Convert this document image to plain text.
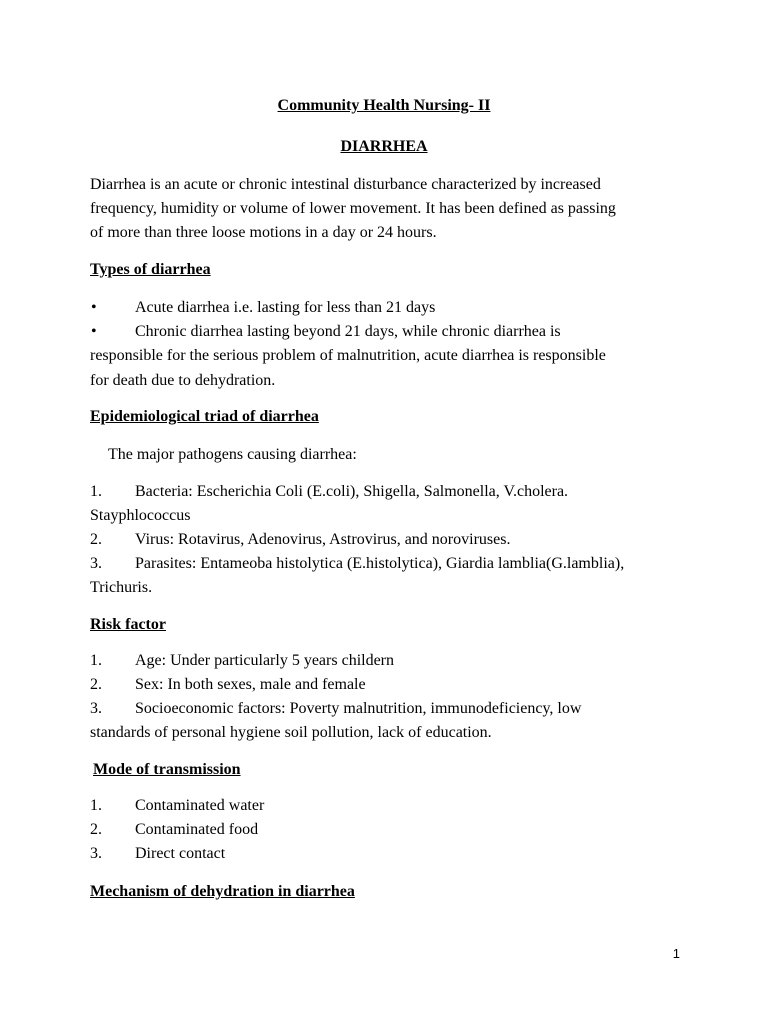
Community Health Nursing- II
DIARRHEA
Diarrhea is an acute or chronic intestinal disturbance characterized by increased
frequency, humidity or volume of lower movement. It has been defined as passing
of more than three loose motions in a day or 24 hours.
Types of diarrhea
• Acute diarrhea i.e. lasting for less than 21 days
• Chronic diarrhea lasting beyond 21 days, while chronic diarrhea is
responsible for the serious problem of malnutrition, acute diarrhea is responsible
for death due to dehydration.
Epidemiological triad of diarrhea
The major pathogens causing diarrhea:
1. Bacteria: Escherichia Coli (E.coli), Shigella, Salmonella, V.cholera.
Stayphlococcus
2. Virus: Rotavirus, Adenovirus, Astrovirus, and noroviruses.
3. Parasites: Entameoba histolytica (E.histolytica), Giardia lamblia(G.lamblia),
Trichuris.
Risk factor
1. Age: Under particularly 5 years childern
2. Sex: In both sexes, male and female
3. Socioeconomic factors: Poverty malnutrition, immunodeficiency, low
standards of personal hygiene soil pollution, lack of education.
Mode of transmission
1. Contaminated water
2. Contaminated food
3. Direct contact
Mechanism of dehydration in diarrhea
1
